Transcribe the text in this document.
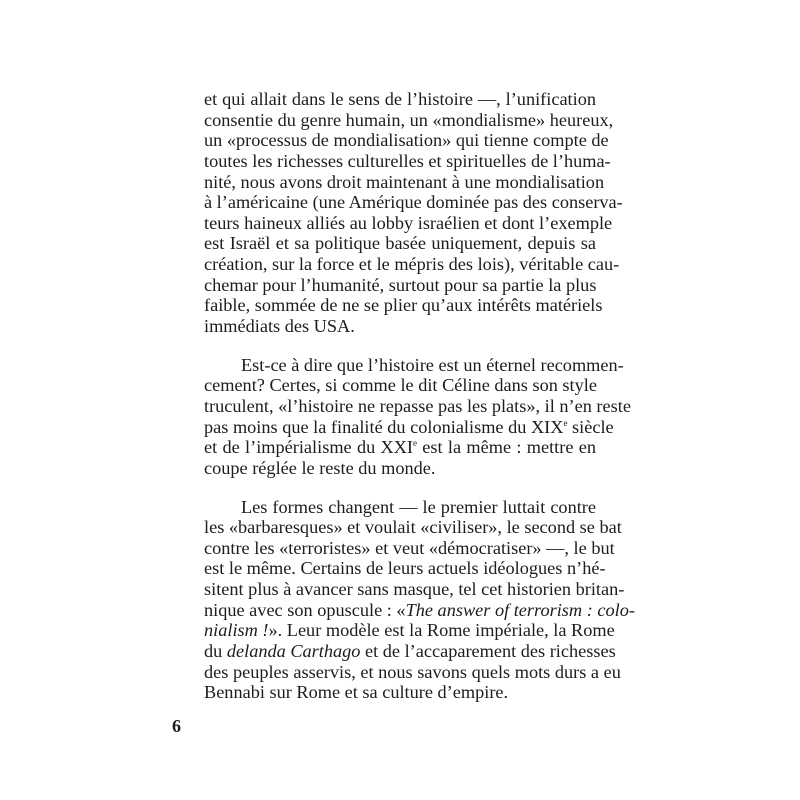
et qui allait dans le sens de l’histoire —, l’unification
consentie du genre humain, un «mondialisme» heureux,
un «processus de mondialisation» qui tienne compte de
toutes les richesses culturelles et spirituelles de l’huma-
nité, nous avons droit maintenant à une mondialisation
à l’américaine (une Amérique dominée pas des conserva-
teurs haineux alliés au lobby israélien et dont l’exemple
est Israël et sa politique basée uniquement, depuis sa
création, sur la force et le mépris des lois), véritable cau-
chemar pour l’humanité, surtout pour sa partie la plus
faible, sommée de ne se plier qu’aux intérêts matériels
immédiats des USA.
Est-ce à dire que l’histoire est un éternel recommen-
cement? Certes, si comme le dit Céline dans son style
truculent, «l’histoire ne repasse pas les plats», il n’en reste
pas moins que la finalité du colonialisme du XIXe siècle
et de l’impérialisme du XXIe est la même : mettre en
coupe réglée le reste du monde.
Les formes changent — le premier luttait contre
les «barbaresques» et voulait «civiliser», le second se bat
contre les «terroristes» et veut «démocratiser» —, le but
est le même. Certains de leurs actuels idéologues n’hé-
sitent plus à avancer sans masque, tel cet historien britan-
nique avec son opuscule : «The answer of terrorism : colo-
nialism !». Leur modèle est la Rome impériale, la Rome
du delanda Carthago et de l’accaparement des richesses
des peuples asservis, et nous savons quels mots durs a eu
Bennabi sur Rome et sa culture d’empire.
6
